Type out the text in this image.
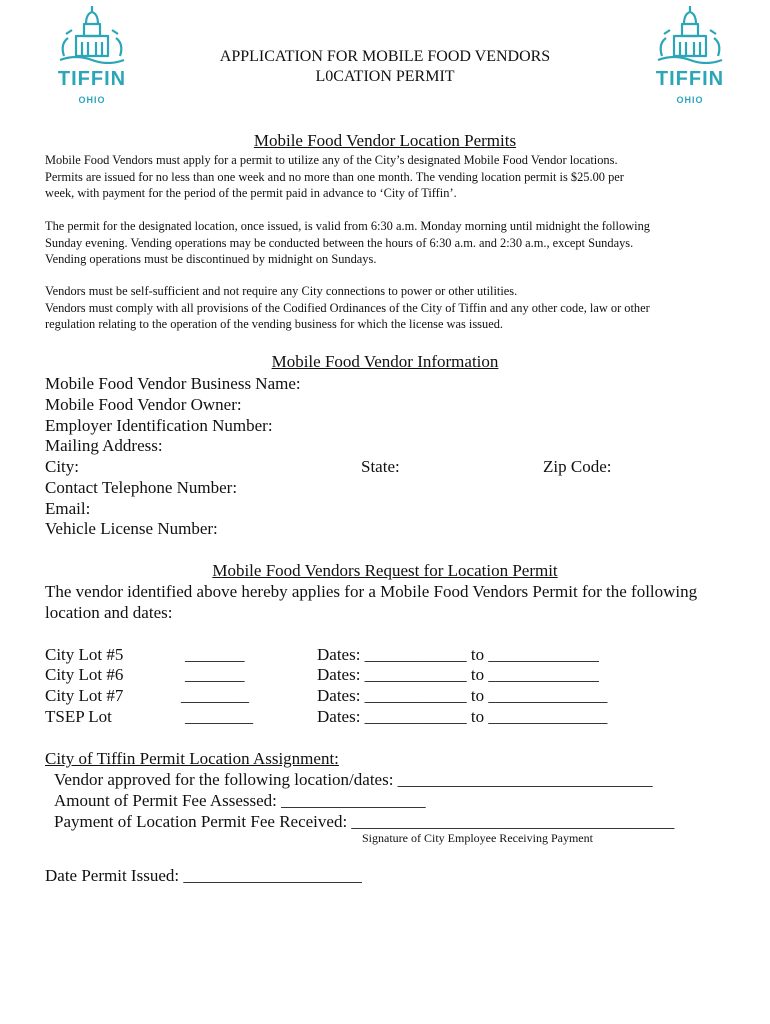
TIFFIN
OHIO
TIFFIN
OHIO
APPLICATION FOR MOBILE FOOD VENDORS
L0CATION PERMIT
Mobile Food Vendor Location Permits
Mobile Food Vendors must apply for a permit to utilize any of the City’s designated Mobile Food Vendor locations.
Permits are issued for no less than one week and no more than one month. The vending location permit is $25.00 per
week, with payment for the period of the permit paid in advance to ‘City of Tiffin’.
The permit for the designated location, once issued, is valid from 6:30 a.m. Monday morning until midnight the following
Sunday evening. Vending operations may be conducted between the hours of 6:30 a.m. and 2:30 a.m., except Sundays.
Vending operations must be discontinued by midnight on Sundays.
Vendors must be self-sufficient and not require any City connections to power or other utilities.
Vendors must comply with all provisions of the Codified Ordinances of the City of Tiffin and any other code, law or other
regulation relating to the operation of the vending business for which the license was issued.
Mobile Food Vendor Information
Mobile Food Vendor Business Name:
Mobile Food Vendor Owner:
Employer Identification Number:
Mailing Address:
City:	State:	Zip Code:
Contact Telephone Number:
Email:
Vehicle License Number:
Mobile Food Vendors Request for Location Permit
The vendor identified above hereby applies for a Mobile Food Vendors Permit for the following
location and dates:
City Lot #5	_______	Dates: ____________ to _____________
City Lot #6	_______	Dates: ____________ to _____________
City Lot #7	________	Dates: ____________ to ______________
TSEP Lot	________	Dates: ____________ to ______________
City of Tiffin Permit Location Assignment:
Vendor approved for the following location/dates: ______________________________
Amount of Permit Fee Assessed: _________________
Payment of Location Permit Fee Received: ______________________________________
Signature of City Employee Receiving Payment
Date Permit Issued: _____________________
